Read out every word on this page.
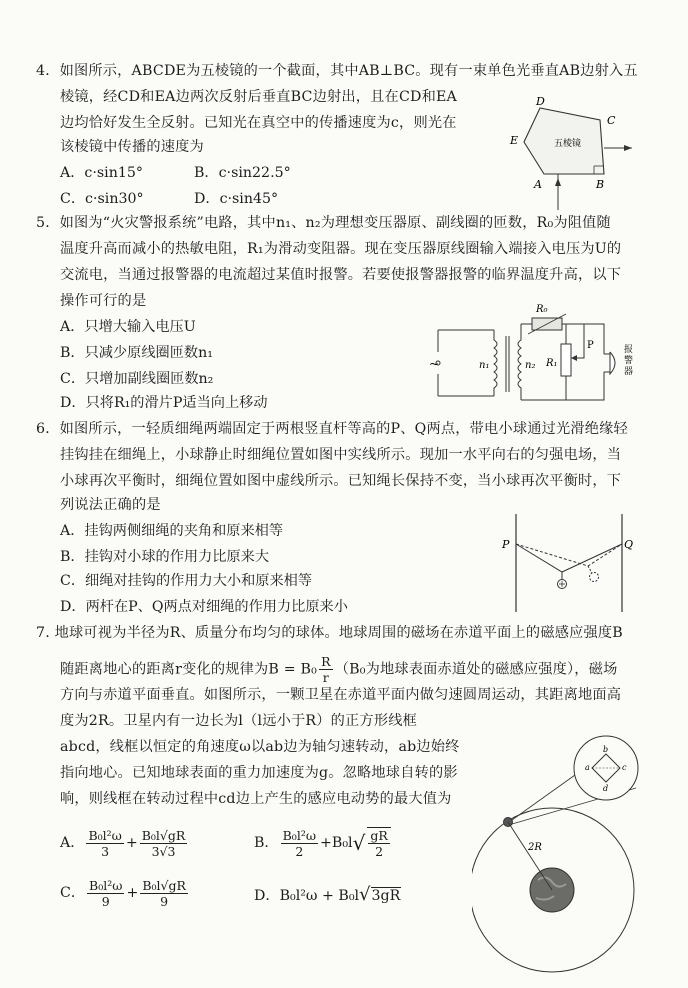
4．如图所示，ABCDE为五棱镜的一个截面，其中AB⊥BC。现有一束单色光垂直AB边射入五
棱镜，经CD和EA边两次反射后垂直BC边射出，且在CD和EA
边均恰好发生全反射。已知光在真空中的传播速度为c，则光在
该棱镜中传播的速度为
A．c·sin15°	B．c·sin22.5°
C．c·sin30°	D．c·sin45°
D
E
C
A	B
五棱镜
5．如图为“火灾警报系统”电路，其中n₁、n₂为理想变压器原、副线圈的匝数，R₀为阻值随
温度升高而减小的热敏电阻，R₁为滑动变阻器。现在变压器原线圈输入端接入电压为U的
交流电，当通过报警器的电流超过某值时报警。若要使报警器报警的临界温度升高，以下
操作可行的是
A．只增大输入电压U
B．只减少原线圈匝数n₁
C．只增加副线圈匝数n₂
D．只将R₁的滑片P适当向上移动
~	n₁	n₂
R₀
P
R₁
报 警 器
6．如图所示，一轻质细绳两端固定于两根竖直杆等高的P、Q两点，带电小球通过光滑绝缘轻
挂钩挂在细绳上，小球静止时细绳位置如图中实线所示。现加一水平向右的匀强电场，当
小球再次平衡时，细绳位置如图中虚线所示。已知绳长保持不变，当小球再次平衡时，下
列说法正确的是
A．挂钩两侧细绳的夹角和原来相等
B．挂钩对小球的作用力比原来大
C．细绳对挂钩的作用力大小和原来相等
D．两杆在P、Q两点对细绳的作用力比原来小
P	Q
7. 地球可视为半径为R、质量分布均匀的球体。地球周围的磁场在赤道平面上的磁感应强度B
随距离地心的距离r变化的规律为$B = B_0 \frac{R}{r} (B_0$为地球表面赤道处的磁感应强度），磁场
方向与赤道平面垂直。如图所示，一颗卫星在赤道平面内做匀速圆周运动，其距离地面高
度为2R。卫星内有一边长为l（l远小于R）的正方形线框
abcd，线框以恒定的角速度ω以ab边为轴匀速转动，ab边始终
指向地心。已知地球表面的重力加速度为g。忽略地球自转的影
响，则线框在转动过程中cd边上产生的感应电动势的最大值为
A． $\frac{\text{B₀l²ω}}{3} + \frac{\text{B₀l√gR}}{3√3}$	B． $\frac{\text{B₀l²ω}}{2} +B_0l√ \frac{gR}{2}$
C． $\frac{\text{B₀l²ω}}{9} + \frac{\text{B₀l√gR}}{9}$	D．B₀l²ω + B₀l√3gR
2R
a
b
c
d
